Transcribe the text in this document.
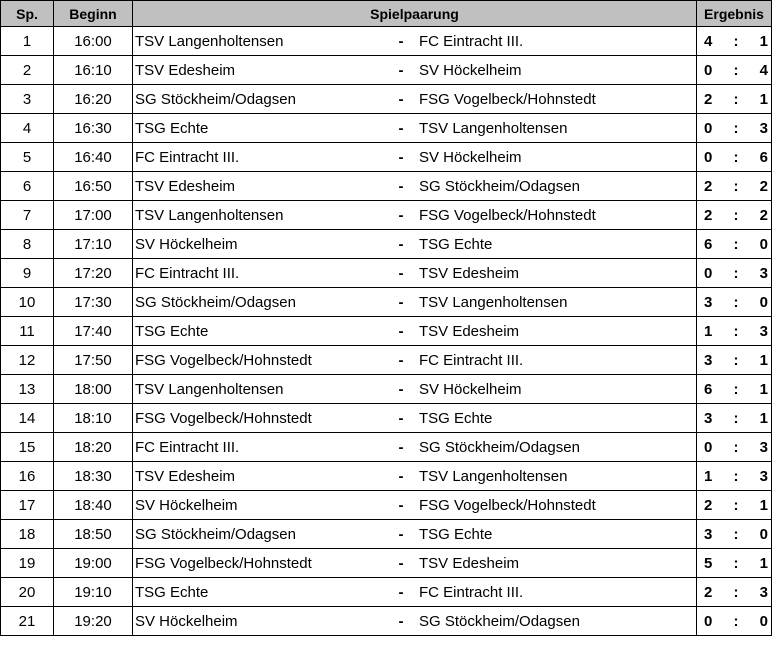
Sp.	Beginn	Spielpaarung	Ergebnis
1	16:00	TSV Langenholtensen - FC Eintracht III.	4 : 1

2	16:10	TSV Edesheim - SV Höckelheim	0 : 4

3	16:20	SG Stöckheim/Odagsen - FSG Vogelbeck/Hohnstedt	2 : 1

4	16:30	TSG Echte - TSV Langenholtensen	0 : 3

5	16:40	FC Eintracht III. - SV Höckelheim	0 : 6

6	16:50	TSV Edesheim - SG Stöckheim/Odagsen	2 : 2

7	17:00	TSV Langenholtensen - FSG Vogelbeck/Hohnstedt	2 : 2

8	17:10	SV Höckelheim - TSG Echte	6 : 0

9	17:20	FC Eintracht III. - TSV Edesheim	0 : 3

10	17:30	SG Stöckheim/Odagsen - TSV Langenholtensen	3 : 0

11	17:40	TSG Echte - TSV Edesheim	1 : 3

12	17:50	FSG Vogelbeck/Hohnstedt - FC Eintracht III.	3 : 1

13	18:00	TSV Langenholtensen - SV Höckelheim	6 : 1

14	18:10	FSG Vogelbeck/Hohnstedt - TSG Echte	3 : 1

15	18:20	FC Eintracht III. - SG Stöckheim/Odagsen	0 : 3

16	18:30	TSV Edesheim - TSV Langenholtensen	1 : 3

17	18:40	SV Höckelheim - FSG Vogelbeck/Hohnstedt	2 : 1

18	18:50	SG Stöckheim/Odagsen - TSG Echte	3 : 0

19	19:00	FSG Vogelbeck/Hohnstedt - TSV Edesheim	5 : 1

20	19:10	TSG Echte - FC Eintracht III.	2 : 3

21	19:20	SV Höckelheim - SG Stöckheim/Odagsen	0 : 0
